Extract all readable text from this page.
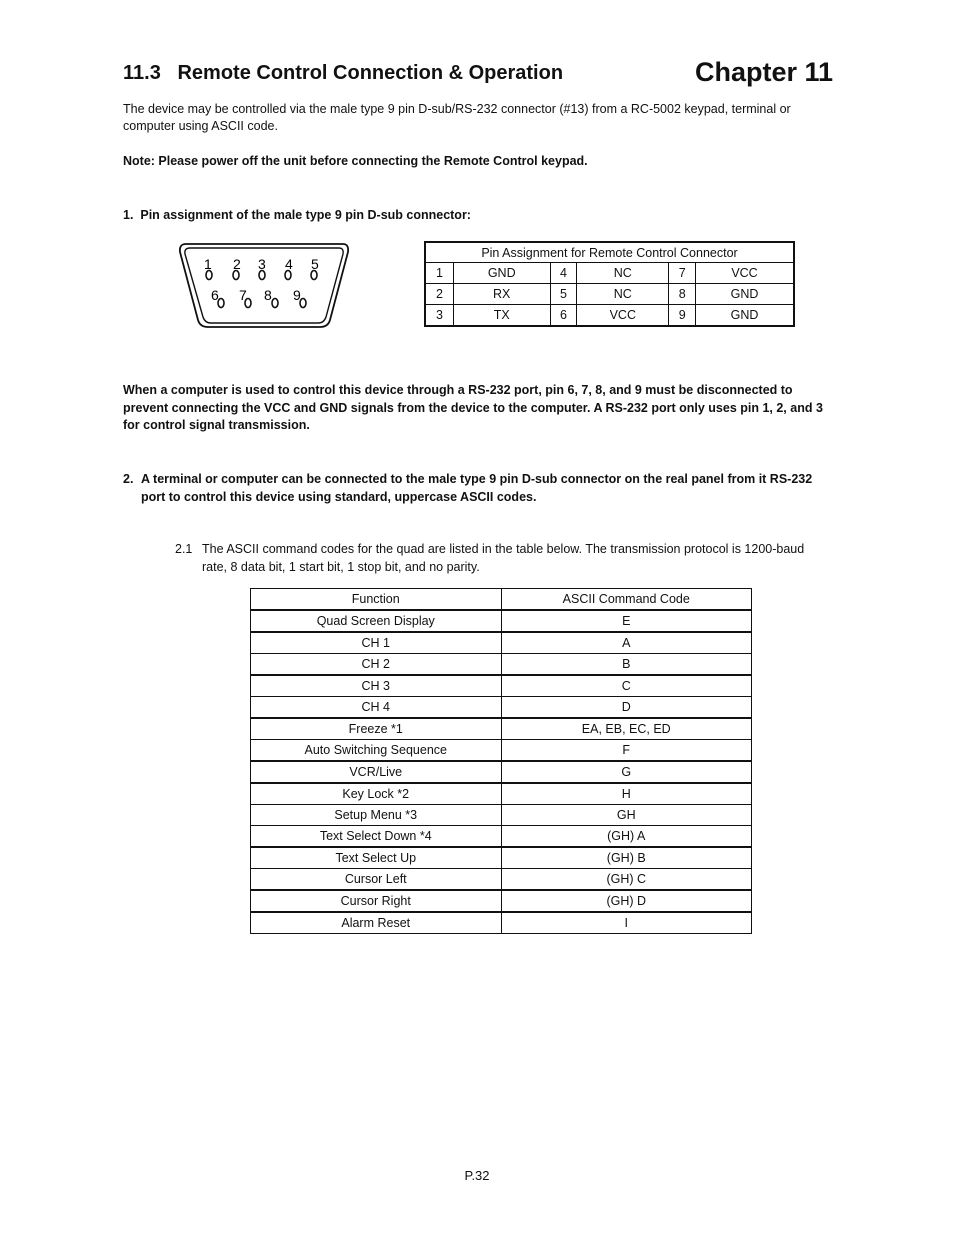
11.3   Remote Control Connection & Operation	Chapter 11
The device may be controlled via the male type 9 pin D-sub/RS-232 connector (#13) from a RC-5002 keypad, terminal or computer using ASCII code.
Note: Please power off the unit before connecting the Remote Control keypad.
1.  Pin assignment of the male type 9 pin D-sub connector:
1 2 3 4 5
6 7 8 9
Pin Assignment for Remote Control Connector					
1	GND	4	NC	7	VCC
2	RX	5	NC	8	GND
3	TX	6	VCC	9	GND
When a computer is used to control this device through a RS-232 port, pin 6, 7, 8, and 9 must be disconnected to prevent connecting the VCC and GND signals from the device to the computer. A RS-232 port only uses pin 1, 2, and 3 for control signal transmission.
2. A terminal or computer can be connected to the male type 9 pin D-sub connector on the real panel from it RS-232 port to control this device using standard, uppercase ASCII codes.
2.1 The ASCII command codes for the quad are listed in the table below. The transmission protocol is 1200-baud rate, 8 data bit, 1 start bit, 1 stop bit, and no parity.
Function	ASCII Command Code
Quad Screen Display	E
CH 1	A
CH 2	B
CH 3	C
CH 4	D
Freeze *1	EA, EB, EC, ED
Auto Switching Sequence	F
VCR/Live	G
Key Lock *2	H
Setup Menu *3	GH
Text Select Down *4	(GH) A
Text Select Up	(GH) B
Cursor Left	(GH) C
Cursor Right	(GH) D
Alarm Reset	I
P.32
